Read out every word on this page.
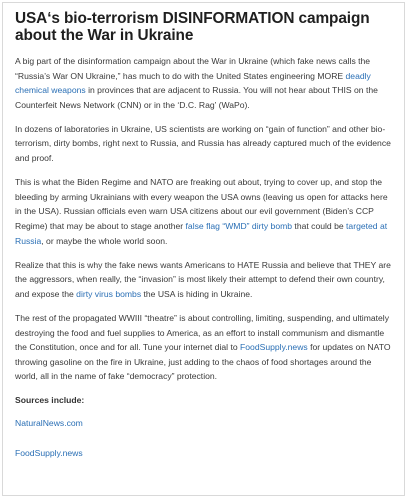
USA‘s bio-terrorism DISINFORMATION campaign about the War in Ukraine

A big part of the disinformation campaign about the War in Ukraine (which fake news calls the “Russia’s War ON Ukraine,” has much to do with the United States engineering MORE deadly chemical weapons in provinces that are adjacent to Russia. You will not hear about THIS on the Counterfeit News Network (CNN) or in the ‘D.C. Rag’ (WaPo).

In dozens of laboratories in Ukraine, US scientists are working on “gain of function” and other bio-terrorism, dirty bombs, right next to Russia, and Russia has already captured much of the evidence and proof.

This is what the Biden Regime and NATO are freaking out about, trying to cover up, and stop the bleeding by arming Ukrainians with every weapon the USA owns (leaving us open for attacks here in the USA). Russian officials even warn USA citizens about our evil government (Biden’s CCP Regime) that may be about to stage another false flag “WMD” dirty bomb that could be targeted at Russia, or maybe the whole world soon.

Realize that this is why the fake news wants Americans to HATE Russia and believe that THEY are the aggressors, when really, the “invasion” is most likely their attempt to defend their own country, and expose the dirty virus bombs the USA is hiding in Ukraine.

The rest of the propagated WWIII “theatre” is about controlling, limiting, suspending, and ultimately destroying the food and fuel supplies to America, as an effort to install communism and dismantle the Constitution, once and for all. Tune your internet dial to FoodSupply.news for updates on NATO throwing gasoline on the fire in Ukraine, just adding to the chaos of food shortages around the world, all in the name of fake “democracy” protection.

Sources include:

NaturalNews.com
FoodSupply.news
